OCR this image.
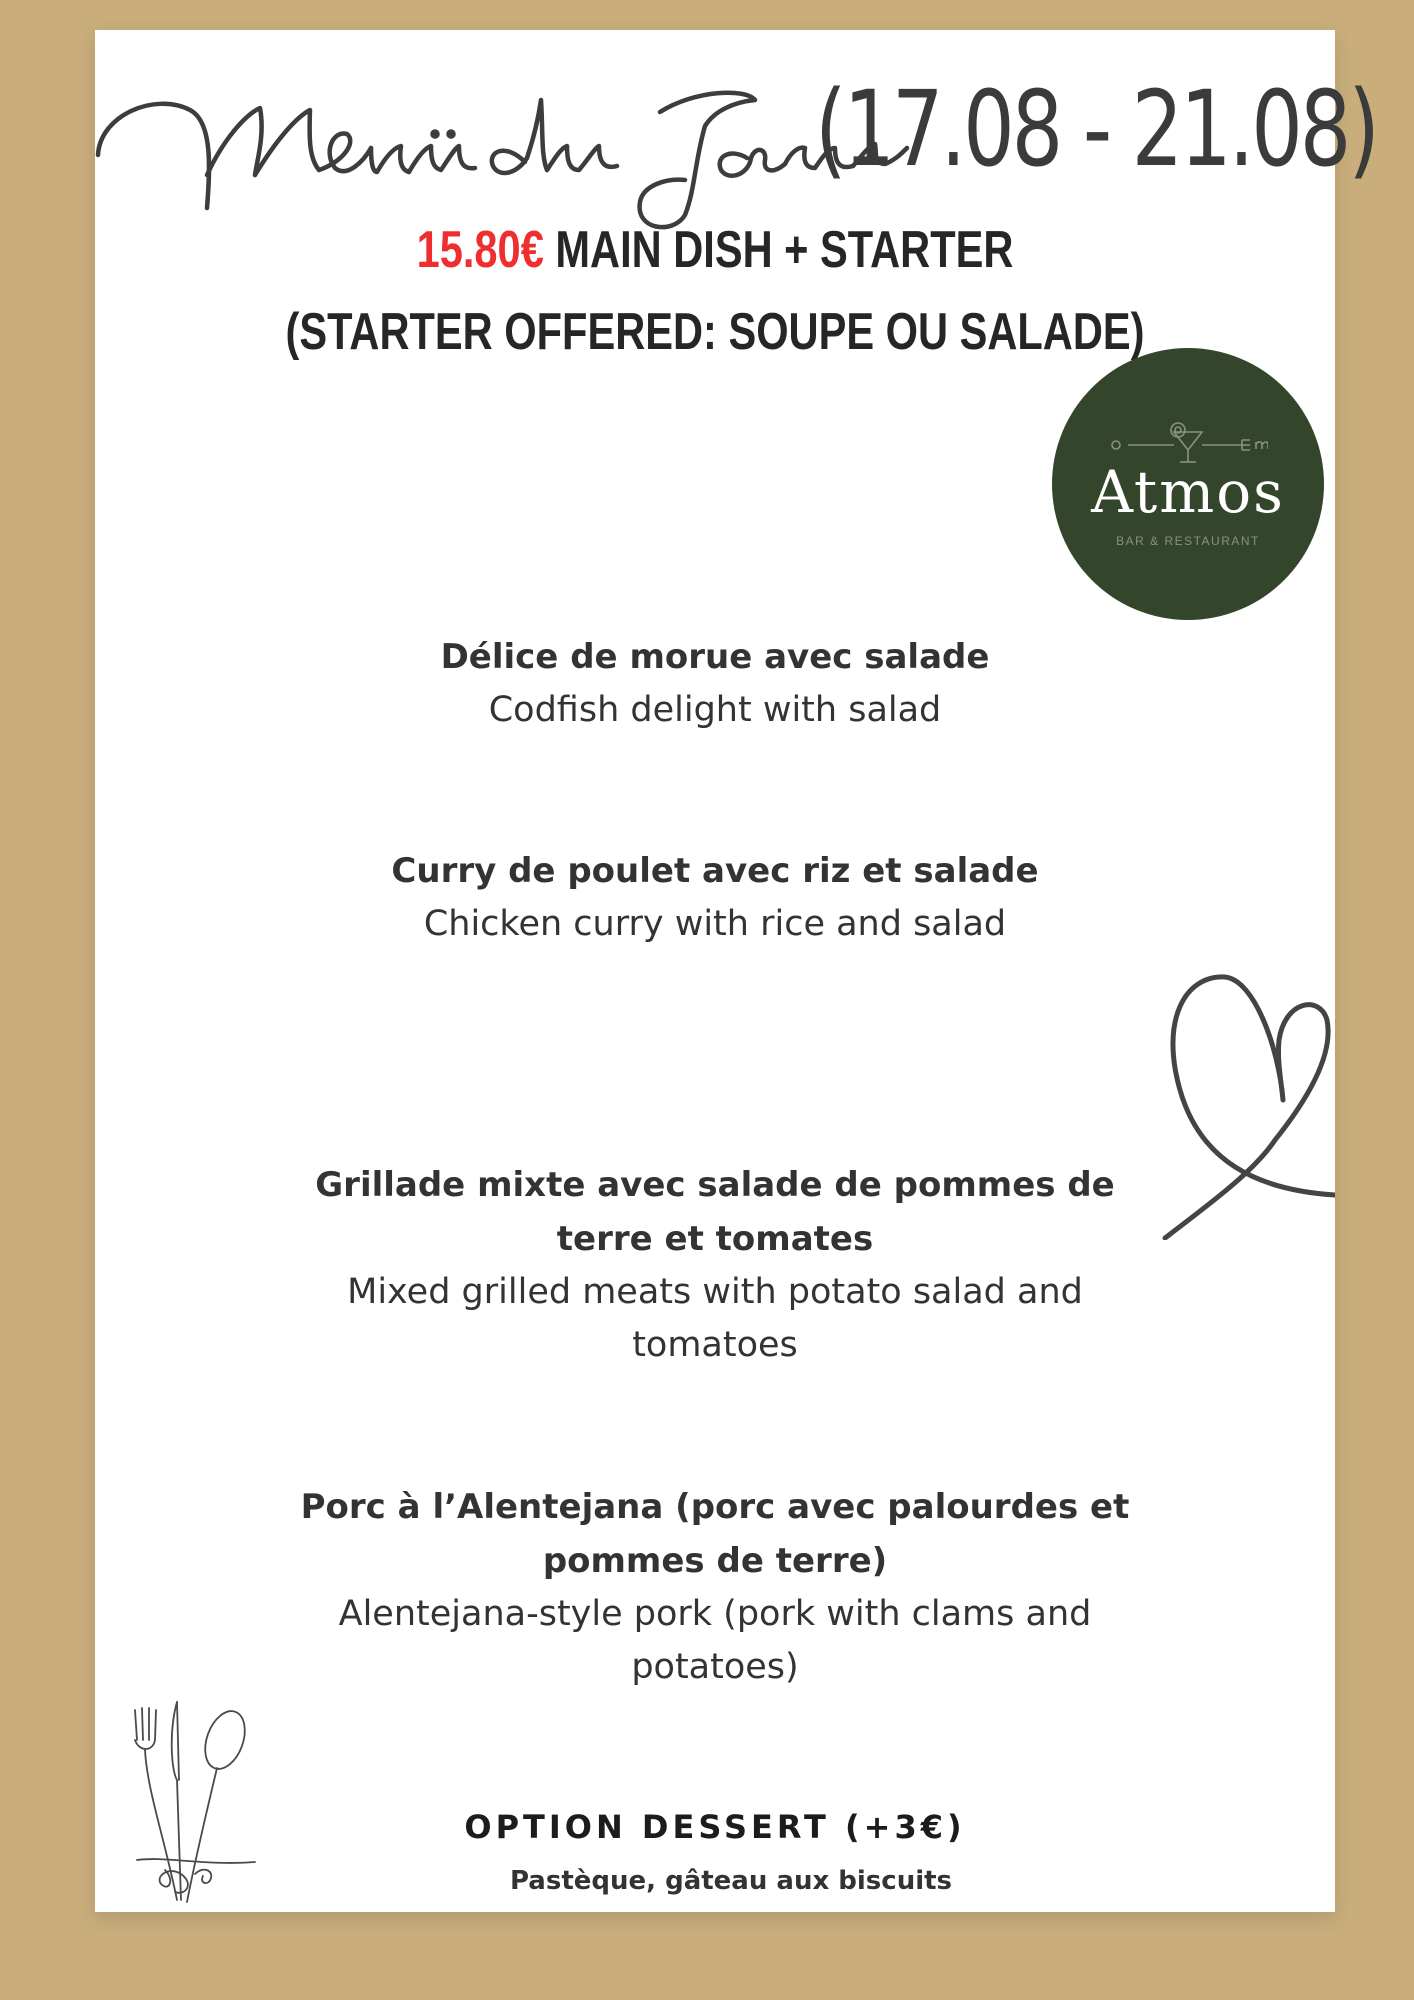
(17.08 - 21.08)
15.80€ MAIN DISH + STARTER
(STARTER OFFERED: SOUPE OU SALADE)
Atmos
BAR & RESTAURANT
Délice de morue avec salade
Codfish delight with salad
Curry de poulet avec riz et salade
Chicken curry with rice and salad
Grillade mixte avec salade de pommes de terre et tomates
Mixed grilled meats with potato salad and tomatoes
Porc à l’Alentejana (porc avec palourdes et pommes de terre)
Alentejana-style pork (pork with clams and potatoes)
OPTION DESSERT (+3€)
Pastèque, gâteau aux biscuits
